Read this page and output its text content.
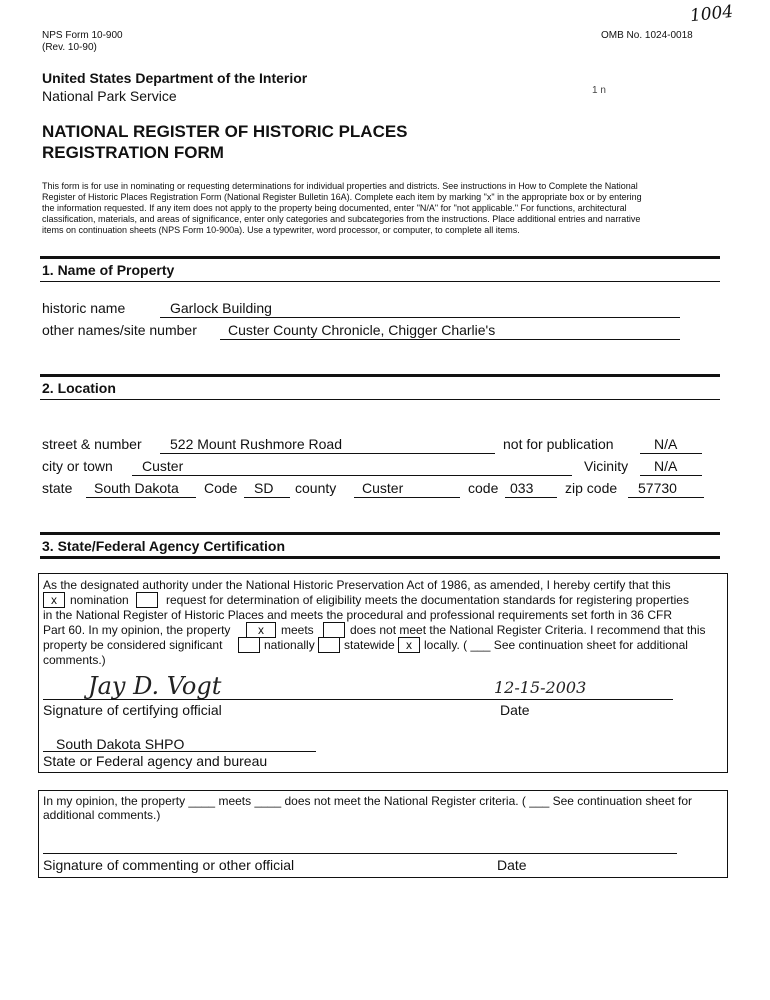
NPS Form 10-900
(Rev. 10-90)
OMB No. 1024-0018
1004
1 n
United States Department of the Interior
National Park Service
NATIONAL REGISTER OF HISTORIC PLACES
REGISTRATION FORM
This form is for use in nominating or requesting determinations for individual properties and districts. See instructions in How to Complete the National
Register of Historic Places Registration Form (National Register Bulletin 16A). Complete each item by marking "x" in the appropriate box or by entering
the information requested. If any item does not apply to the property being documented, enter "N/A" for "not applicable." For functions, architectural
classification, materials, and areas of significance, enter only categories and subcategories from the instructions. Place additional entries and narrative
items on continuation sheets (NPS Form 10-900a). Use a typewriter, word processor, or computer, to complete all items.
1. Name of Property
historic name	Garlock Building
other names/site number Custer County Chronicle, Chigger Charlie's
2. Location
street & number 522 Mount Rushmore Road	not for publication	N/A
city or town Custer	Vicinity N/A
state South Dakota Code SD county Custer	code 033 zip code 57730
3. State/Federal Agency Certification
As the designated authority under the National Historic Preservation Act of 1986, as amended, I hereby certify that this
x	nomination	request for determination of eligibility meets the documentation standards for registering properties
in the National Register of Historic Places and meets the procedural and professional requirements set forth in 36 CFR
Part 60. In my opinion, the property	x	meets	does not meet the National Register Criteria. I recommend that this
property be considered significant	nationally statewide x	locally. ( ___ See continuation sheet for additional
comments.)
Jay D. Vogt	12-15-2003
Signature of certifying official	Date
South Dakota SHPO
State or Federal agency and bureau
In my opinion, the property ____ meets ____ does not meet the National Register criteria. ( ___ See continuation sheet for
additional comments.)
Signature of commenting or other official	Date
